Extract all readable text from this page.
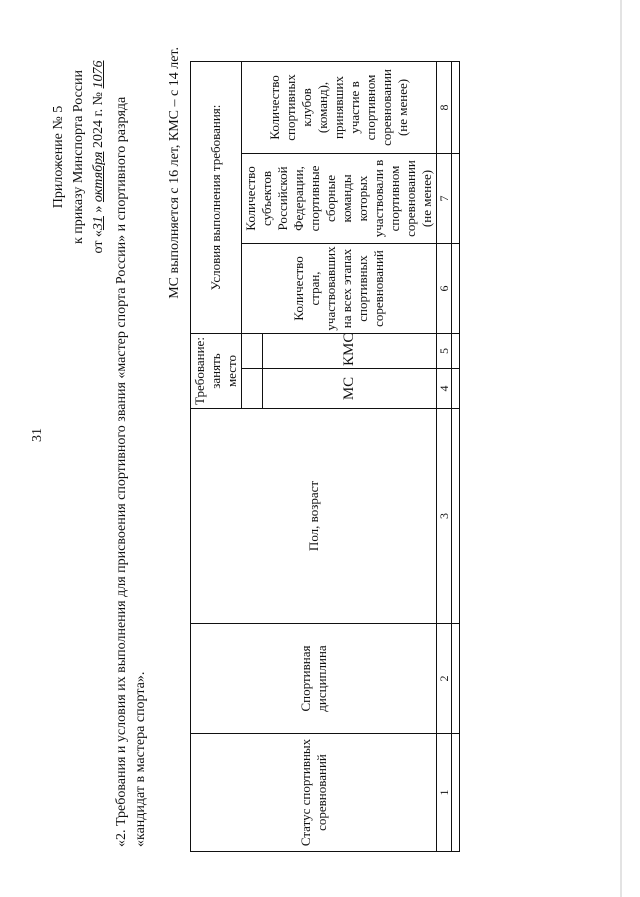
31
Приложение № 5 к приказу Минспорта России от «31 » октября 2024 г. № 1076
«2. Требования и условия их выполнения для присвоения спортивного звания «мастер спорта России» и спортивного разряда «кандидат в мастера спорта».
МС выполняется с 16 лет, КМС – с 14 лет.
Статус спортивных соревнований	Спортивная дисциплина	Пол, возраст	Требование: занять место		Условия выполнения требования:		
					Количество стран, участвовавших на всех этапах спортивных соревнований	Количество субъектов Российской Федерации, спортивные сборные команды которых участвовали в спортивном соревновании (не менее)	Количество спортивных клубов (команд), принявших участие в спортивном соревновании (не менее)
			МС	КМС			
1	2	3	4	5	6	7	8
